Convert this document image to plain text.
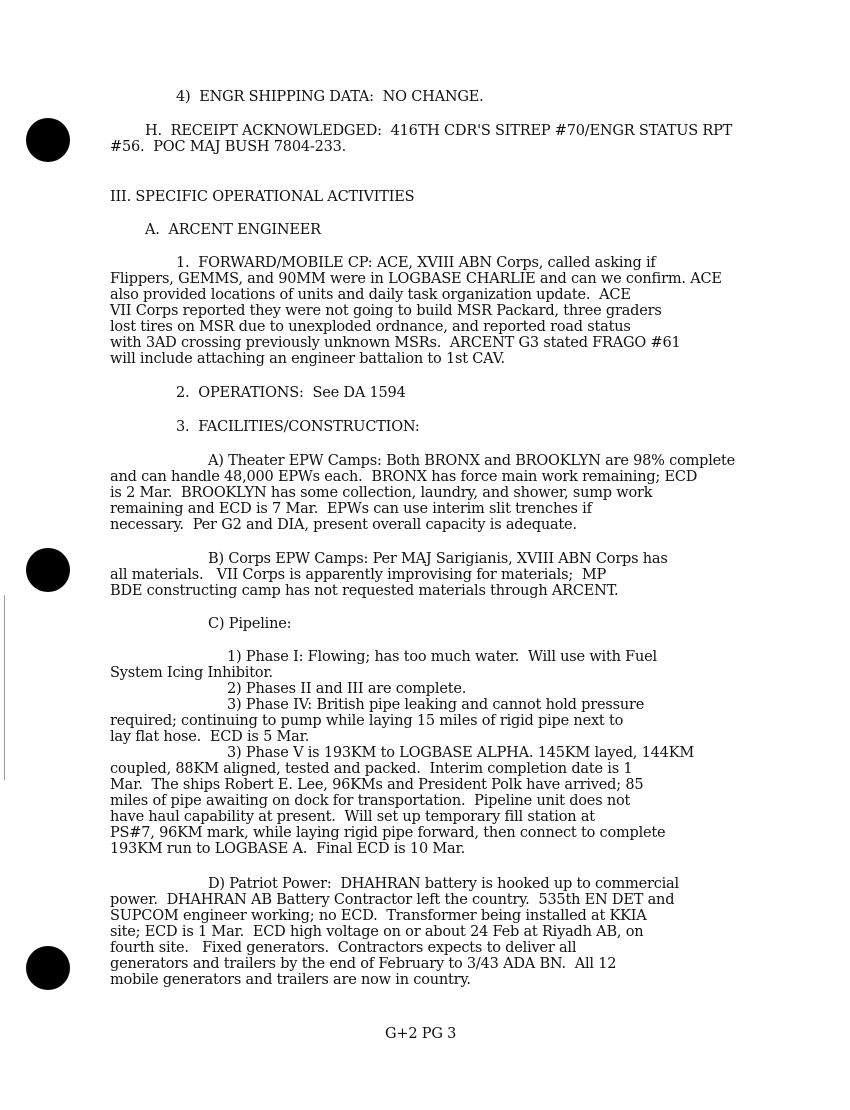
4)  ENGR SHIPPING DATA:  NO CHANGE.
H.  RECEIPT ACKNOWLEDGED:  416TH CDR'S SITREP #70/ENGR STATUS RPT
#56.  POC MAJ BUSH 7804-233.
III. SPECIFIC OPERATIONAL ACTIVITIES
A.  ARCENT ENGINEER
1.  FORWARD/MOBILE CP: ACE, XVIII ABN Corps, called asking if
Flippers, GEMMS, and 90MM were in LOGBASE CHARLIE and can we confirm. ACE
also provided locations of units and daily task organization update.  ACE
VII Corps reported they were not going to build MSR Packard, three graders
lost tires on MSR due to unexploded ordnance, and reported road status
with 3AD crossing previously unknown MSRs.  ARCENT G3 stated FRAGO #61
will include attaching an engineer battalion to 1st CAV.
2.  OPERATIONS:  See DA 1594
3.  FACILITIES/CONSTRUCTION:
A) Theater EPW Camps: Both BRONX and BROOKLYN are 98% complete
and can handle 48,000 EPWs each.  BRONX has force main work remaining; ECD
is 2 Mar.  BROOKLYN has some collection, laundry, and shower, sump work
remaining and ECD is 7 Mar.  EPWs can use interim slit trenches if
necessary.  Per G2 and DIA, present overall capacity is adequate.
B) Corps EPW Camps: Per MAJ Sarigianis, XVIII ABN Corps has
all materials.   VII Corps is apparently improvising for materials;  MP
BDE constructing camp has not requested materials through ARCENT.
C) Pipeline:
1) Phase I: Flowing; has too much water.  Will use with Fuel
System Icing Inhibitor.
2) Phases II and III are complete.
3) Phase IV: British pipe leaking and cannot hold pressure
required; continuing to pump while laying 15 miles of rigid pipe next to
lay flat hose.  ECD is 5 Mar.
3) Phase V is 193KM to LOGBASE ALPHA. 145KM layed, 144KM
coupled, 88KM aligned, tested and packed.  Interim completion date is 1
Mar.  The ships Robert E. Lee, 96KMs and President Polk have arrived; 85
miles of pipe awaiting on dock for transportation.  Pipeline unit does not
have haul capability at present.  Will set up temporary fill station at
PS#7, 96KM mark, while laying rigid pipe forward, then connect to complete
193KM run to LOGBASE A.  Final ECD is 10 Mar.
D) Patriot Power:  DHAHRAN battery is hooked up to commercial
power.  DHAHRAN AB Battery Contractor left the country.  535th EN DET and
SUPCOM engineer working; no ECD.  Transformer being installed at KKIA
site; ECD is 1 Mar.  ECD high voltage on or about 24 Feb at Riyadh AB, on
fourth site.   Fixed generators.  Contractors expects to deliver all
generators and trailers by the end of February to 3/43 ADA BN.  All 12
mobile generators and trailers are now in country.
G+2 PG 3
